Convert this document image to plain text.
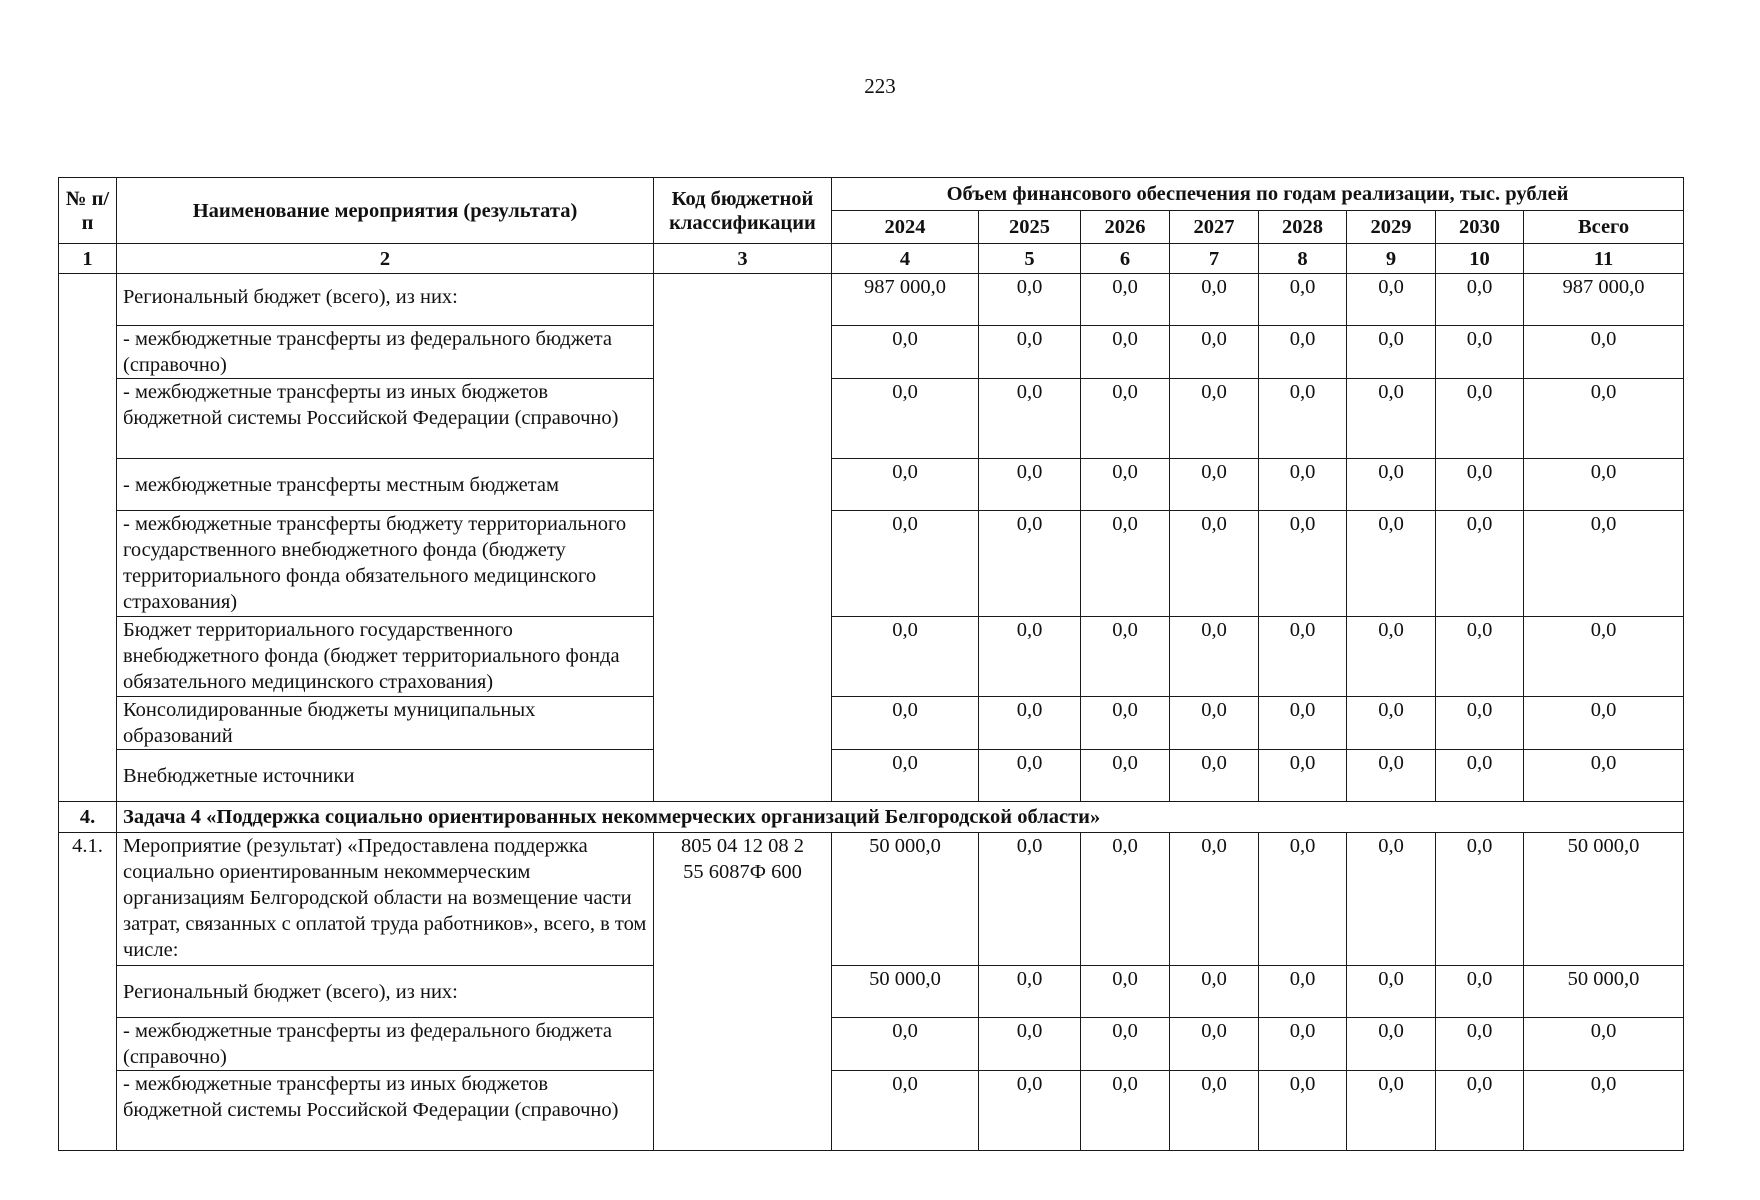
223
№ п/п	Наименование мероприятия (результата)	Код бюджетной классификации	Объем финансового обеспечения по годам реализации, тыс. рублей							
			2024	2025	2026	2027	2028	2029	2030	Всего
1	2	3	4	5	6	7	8	9	10	11
	Региональный бюджет (всего), из них:		987 000,0	0,0	0,0	0,0	0,0	0,0	0,0	987 000,0
	- межбюджетные трансферты из федерального бюджета (справочно)		0,0	0,0	0,0	0,0	0,0	0,0	0,0	0,0
	- межбюджетные трансферты из иных бюджетов бюджетной системы Российской Федерации (справочно)		0,0	0,0	0,0	0,0	0,0	0,0	0,0	0,0
	- межбюджетные трансферты местным бюджетам		0,0	0,0	0,0	0,0	0,0	0,0	0,0	0,0
	- межбюджетные трансферты бюджету территориального государственного внебюджетного фонда (бюджету территориального фонда обязательного медицинского страхования)		0,0	0,0	0,0	0,0	0,0	0,0	0,0	0,0
	Бюджет территориального государственного внебюджетного фонда (бюджет территориального фонда обязательного медицинского страхования)		0,0	0,0	0,0	0,0	0,0	0,0	0,0	0,0
	Консолидированные бюджеты муниципальных образований		0,0	0,0	0,0	0,0	0,0	0,0	0,0	0,0
	Внебюджетные источники		0,0	0,0	0,0	0,0	0,0	0,0	0,0	0,0
4.	Задача 4 «Поддержка социально ориентированных некоммерческих организаций Белгородской области»									
4.1.	Мероприятие (результат) «Предоставлена поддержка социально ориентированным некоммерческим организациям Белгородской области на возмещение части затрат, связанных с оплатой труда работников», всего, в том числе:	805 04 12 08 2 55 6087Ф 600	50 000,0	0,0	0,0	0,0	0,0	0,0	0,0	50 000,0
	Региональный бюджет (всего), из них:		50 000,0	0,0	0,0	0,0	0,0	0,0	0,0	50 000,0
	- межбюджетные трансферты из федерального бюджета (справочно)		0,0	0,0	0,0	0,0	0,0	0,0	0,0	0,0
	- межбюджетные трансферты из иных бюджетов бюджетной системы Российской Федерации (справочно)		0,0	0,0	0,0	0,0	0,0	0,0	0,0	0,0
